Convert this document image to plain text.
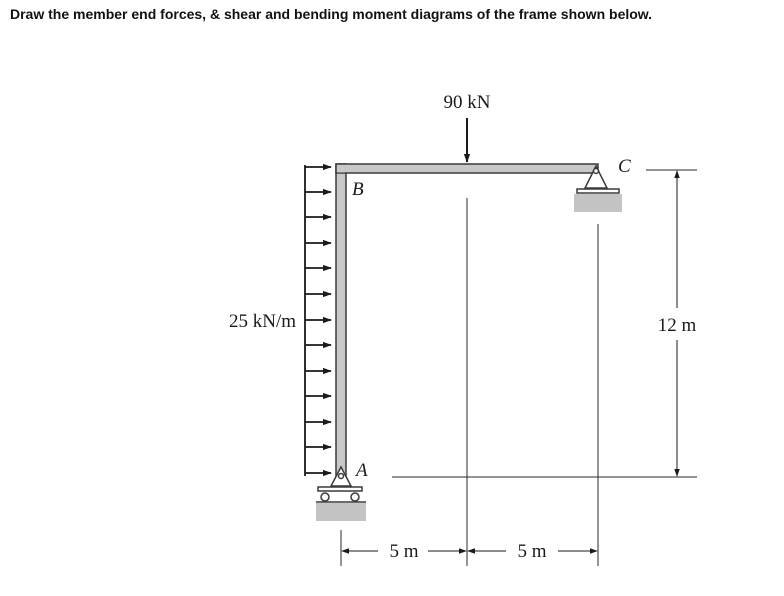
Draw the member end forces, & shear and bending moment diagrams of the frame shown below.

90 kN
B
A
C
25 kN/m
5 m	5 m
12 m
